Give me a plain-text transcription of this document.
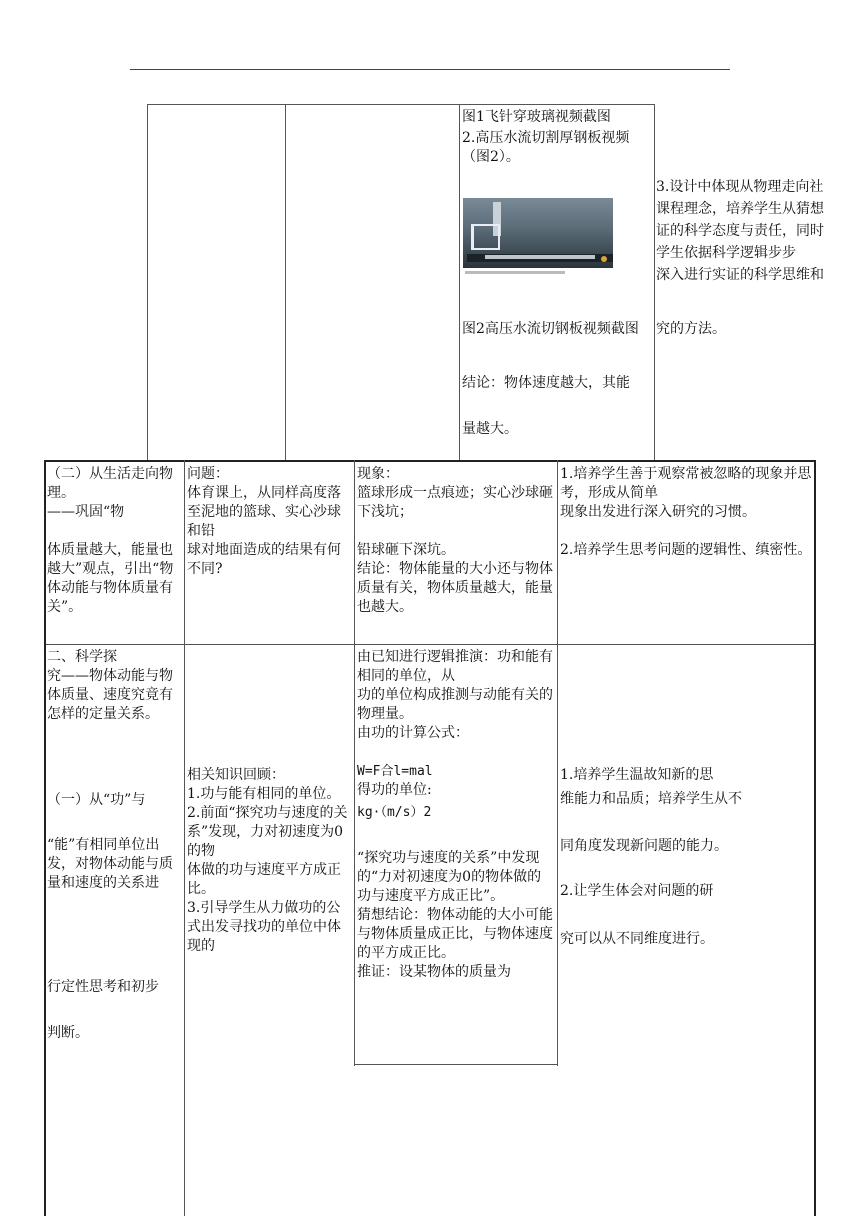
图1飞针穿玻璃视频截图
2.高压水流切割厚钢板视频（图2）。
图2高压水流切钢板视频截图
结论：物体速度越大，其能
量越大。
3.设计中体现从物理走向社
课程理念，培养学生从猜想
证的科学态度与责任，同时
学生依据科学逻辑步步
深入进行实证的科学思维和
究的方法。
（二）从生活走向物理。
——巩固“物

体质量越大，能量也越大”观点，引出“物体动能与物体质量有关”。
问题：
体育课上，从同样高度落至泥地的篮球、实心沙球和铅
球对地面造成的结果有何不同?
现象：
篮球形成一点痕迹；实心沙球砸下浅坑；

铅球砸下深坑。
结论：物体能量的大小还与物体质量有关，物体质量越大，能量也越大。
1.培养学生善于观察常被忽略的现象并思考，形成从简单
现象出发进行深入研究的习惯。

2.培养学生思考问题的逻辑性、缜密性。
二、科学探
究——物体动能与物体质量、速度究竟有怎样的定量关系。
（一）从“功”与
“能”有相同单位出
发，对物体动能与质
量和速度的关系进
行定性思考和初步
判断。
相关知识回顾：
1.功与能有相同的单位。
2.前面“探究功与速度的关
系”发现，力对初速度为0的物
体做的功与速度平方成正比。
3.引导学生从力做功的公
式出发寻找功的单位中体现的
由已知进行逻辑推演：功和能有相同的单位，从
功的单位构成推测与动能有关的物理量。
由功的计算公式：
W=F合l=mal
得功的单位:
kg·（m/s）2
“探究功与速度的关系”中发现的“力对初速度为0的物体做的功与速度平方成正比”。
猜想结论：物体动能的大小可能与物体质量成正比，与物体速度的平方成正比。
推证：设某物体的质量为
1.培养学生温故知新的思
维能力和品质；培养学生从不
同角度发现新问题的能力。
2.让学生体会对问题的研
究可以从不同维度进行。
